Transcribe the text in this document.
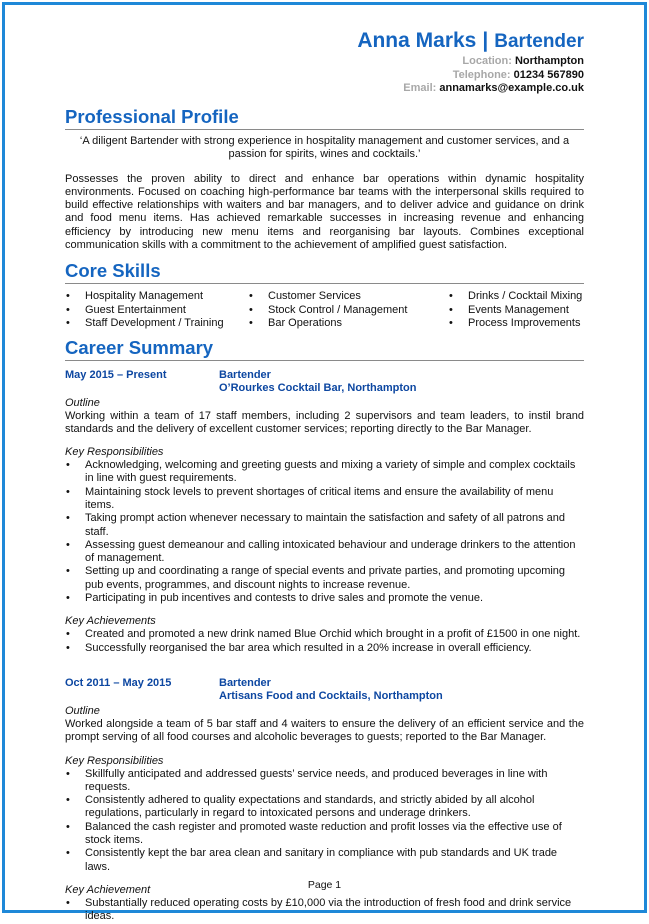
Anna Marks | Bartender
Location: Northampton
Telephone: 01234 567890
Email: annamarks@example.co.uk
Professional Profile
‘A diligent Bartender with strong experience in hospitality management and customer services, and a passion for spirits, wines and cocktails.’
Possesses the proven ability to direct and enhance bar operations within dynamic hospitality environments. Focused on coaching high-performance bar teams with the interpersonal skills required to build effective relationships with waiters and bar managers, and to deliver advice and guidance on drink and food menu items. Has achieved remarkable successes in increasing revenue and enhancing efficiency by introducing new menu items and reorganising bar layouts. Combines exceptional communication skills with a commitment to the achievement of amplified guest satisfaction.
Core Skills
• Hospitality Management
• Guest Entertainment
• Staff Development / Training
• Customer Services
• Stock Control / Management
• Bar Operations
• Drinks / Cocktail Mixing
• Events Management
• Process Improvements
Career Summary
May 2015 – Present	Bartender
O’Rourkes Cocktail Bar, Northampton
Outline
Working within a team of 17 staff members, including 2 supervisors and team leaders, to instil brand standards and the delivery of excellent customer services; reporting directly to the Bar Manager.
Key Responsibilities
• Acknowledging, welcoming and greeting guests and mixing a variety of simple and complex cocktails in line with guest requirements.
• Maintaining stock levels to prevent shortages of critical items and ensure the availability of menu items.
• Taking prompt action whenever necessary to maintain the satisfaction and safety of all patrons and staff.
• Assessing guest demeanour and calling intoxicated behaviour and underage drinkers to the attention of management.
• Setting up and coordinating a range of special events and private parties, and promoting upcoming pub events, programmes, and discount nights to increase revenue.
• Participating in pub incentives and contests to drive sales and promote the venue.
Key Achievements
• Created and promoted a new drink named Blue Orchid which brought in a profit of £1500 in one night.
• Successfully reorganised the bar area which resulted in a 20% increase in overall efficiency.
Oct 2011 – May 2015	Bartender
Artisans Food and Cocktails, Northampton
Outline
Worked alongside a team of 5 bar staff and 4 waiters to ensure the delivery of an efficient service and the prompt serving of all food courses and alcoholic beverages to guests; reported to the Bar Manager.
Key Responsibilities
• Skillfully anticipated and addressed guests’ service needs, and produced beverages in line with requests.
• Consistently adhered to quality expectations and standards, and strictly abided by all alcohol regulations, particularly in regard to intoxicated persons and underage drinkers.
• Balanced the cash register and promoted waste reduction and profit losses via the effective use of stock items.
• Consistently kept the bar area clean and sanitary in compliance with pub standards and UK trade laws.
Key Achievement
• Substantially reduced operating costs by £10,000 via the introduction of fresh food and drink service ideas.
Page 1
